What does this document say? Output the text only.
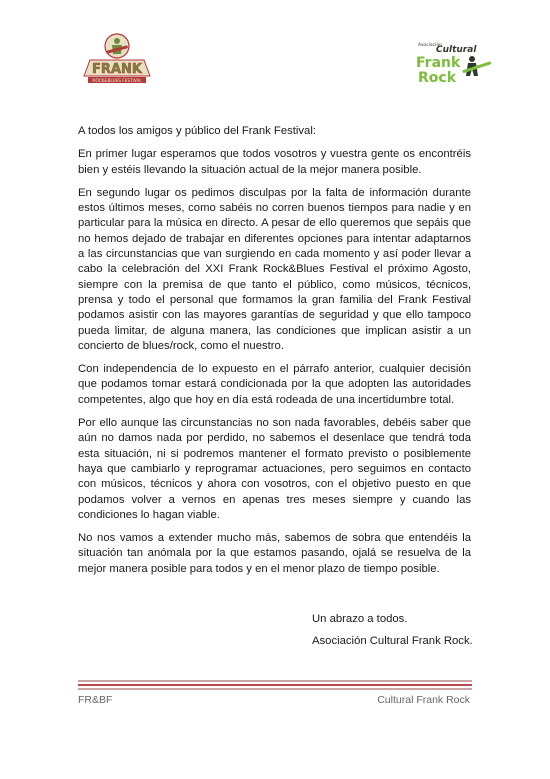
FRANK
ROCK&BLUES FESTIVAL
Asociación
Cultural
Frank
Rock

A todos los amigos y público del Frank Festival:

En primer lugar esperamos que todos vosotros y vuestra gente os encontréis bien y estéis llevando la situación actual de la mejor manera posible.

En segundo lugar os pedimos disculpas por la falta de información durante estos últimos meses, como sabéis no corren buenos tiempos para nadie y en particular para la música en directo. A pesar de ello queremos que sepáis que no hemos dejado de trabajar en diferentes opciones para intentar adaptarnos a las circunstancias que van surgiendo en cada momento y así poder llevar a cabo la celebración del XXI Frank Rock&Blues Festival el próximo Agosto, siempre con la premisa de que tanto el público, como músicos, técnicos, prensa y todo el personal que formamos la gran familia del Frank Festival podamos asistir con las mayores garantías de seguridad y que ello tampoco pueda limitar, de alguna manera, las condiciones que implican asistir a un concierto de blues/rock, como el nuestro.

Con independencia de lo expuesto en el párrafo anterior, cualquier decisión que podamos tomar estará condicionada por la que adopten las autoridades competentes, algo que hoy en día está rodeada de una incertidumbre total.

Por ello aunque las circunstancias no son nada favorables, debéis saber que aún no damos nada por perdido, no sabemos el desenlace que tendrá toda esta situación, ni si podremos mantener el formato previsto o posiblemente haya que cambiarlo y reprogramar actuaciones, pero seguimos en contacto con músicos, técnicos y ahora con vosotros, con el objetivo puesto en que podamos volver a vernos en apenas tres meses siempre y cuando las condiciones lo hagan viable.

No nos vamos a extender mucho más, sabemos de sobra que entendéis la situación tan anómala por la que estamos pasando, ojalá se resuelva de la mejor manera posible para todos y en el menor plazo de tiempo posible.

Un abrazo a todos.
Asociación Cultural Frank Rock.
FR&BF	Cultural Frank Rock
